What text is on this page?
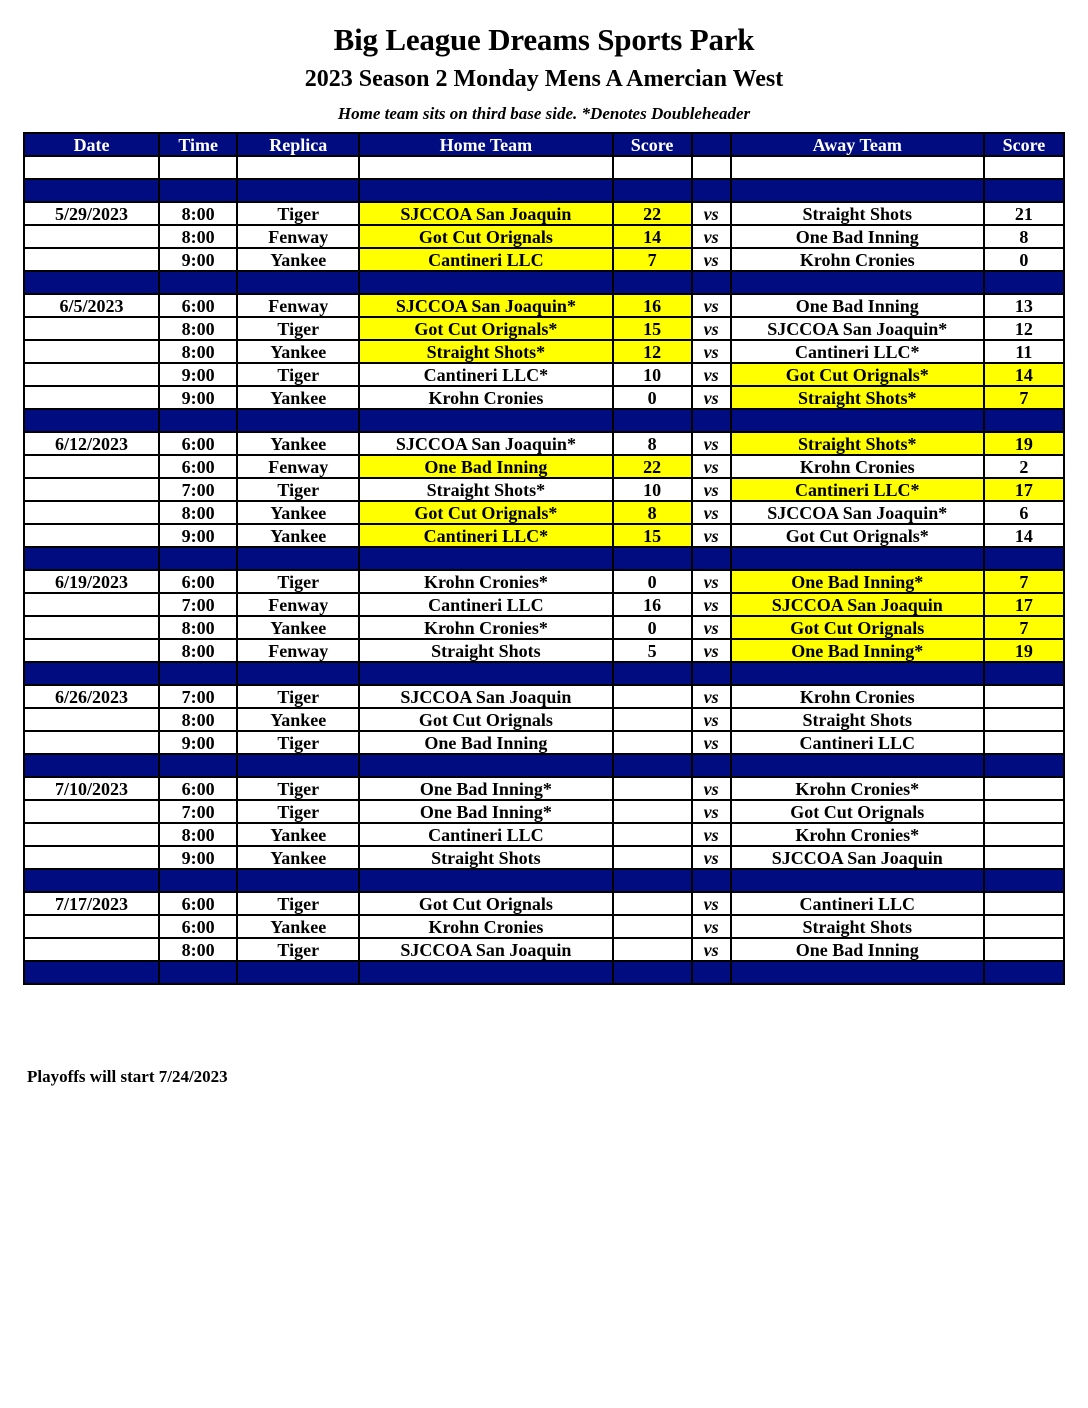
Big League Dreams Sports Park
2023 Season 2 Monday Mens A Amercian West
Home team sits on third base side. *Denotes Doubleheader
Date	Time	Replica	Home Team	Score		Away Team	Score

5/29/2023	8:00	Tiger	SJCCOA San Joaquin	22	vs	Straight Shots	21
	8:00	Fenway	Got Cut Orignals	14	vs	One Bad Inning	8
	9:00	Yankee	Cantineri LLC	7	vs	Krohn Cronies	0

6/5/2023	6:00	Fenway	SJCCOA San Joaquin*	16	vs	One Bad Inning	13
	8:00	Tiger	Got Cut Orignals*	15	vs	SJCCOA San Joaquin*	12
	8:00	Yankee	Straight Shots*	12	vs	Cantineri LLC*	11
	9:00	Tiger	Cantineri LLC*	10	vs	Got Cut Orignals*	14
	9:00	Yankee	Krohn Cronies	0	vs	Straight Shots*	7

6/12/2023	6:00	Yankee	SJCCOA San Joaquin*	8	vs	Straight Shots*	19
	6:00	Fenway	One Bad Inning	22	vs	Krohn Cronies	2
	7:00	Tiger	Straight Shots*	10	vs	Cantineri LLC*	17
	8:00	Yankee	Got Cut Orignals*	8	vs	SJCCOA San Joaquin*	6
	9:00	Yankee	Cantineri LLC*	15	vs	Got Cut Orignals*	14

6/19/2023	6:00	Tiger	Krohn Cronies*	0	vs	One Bad Inning*	7
	7:00	Fenway	Cantineri LLC	16	vs	SJCCOA San Joaquin	17
	8:00	Yankee	Krohn Cronies*	0	vs	Got Cut Orignals	7
	8:00	Fenway	Straight Shots	5	vs	One Bad Inning*	19

6/26/2023	7:00	Tiger	SJCCOA San Joaquin		vs	Krohn Cronies	
	8:00	Yankee	Got Cut Orignals		vs	Straight Shots	
	9:00	Tiger	One Bad Inning		vs	Cantineri LLC	

7/10/2023	6:00	Tiger	One Bad Inning*		vs	Krohn Cronies*	
	7:00	Tiger	One Bad Inning*		vs	Got Cut Orignals	
	8:00	Yankee	Cantineri LLC		vs	Krohn Cronies*	
	9:00	Yankee	Straight Shots		vs	SJCCOA San Joaquin	

7/17/2023	6:00	Tiger	Got Cut Orignals		vs	Cantineri LLC	
	6:00	Yankee	Krohn Cronies		vs	Straight Shots	
	8:00	Tiger	SJCCOA San Joaquin		vs	One Bad Inning	

Playoffs will start 7/24/2023
